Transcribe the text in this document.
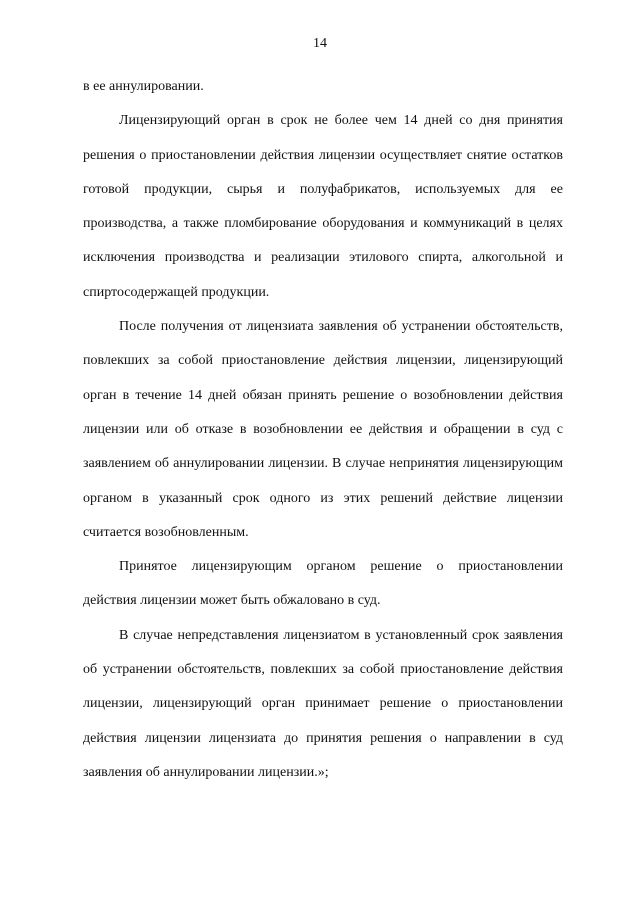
14

в ее аннулировании.

Лицензирующий орган в срок не более чем 14 дней со дня принятия решения о приостановлении действия лицензии осуществляет снятие остатков готовой продукции, сырья и полуфабрикатов, используемых для ее производства, а также пломбирование оборудования и коммуникаций в целях исключения производства и реализации этилового спирта, алкогольной и спиртосодержащей продукции.

После получения от лицензиата заявления об устранении обстоятельств, повлекших за собой приостановление действия лицензии, лицензирующий орган в течение 14 дней обязан принять решение о возобновлении действия лицензии или об отказе в возобновлении ее действия и обращении в суд с заявлением об аннулировании лицензии. В случае непринятия лицензирующим органом в указанный срок одного из этих решений действие лицензии считается возобновленным.

Принятое лицензирующим органом решение о приостановлении действия лицензии может быть обжаловано в суд.

В случае непредставления лицензиатом в установленный срок заявления об устранении обстоятельств, повлекших за собой приостановление действия лицензии, лицензирующий орган принимает решение о приостановлении действия лицензии лицензиата до принятия решения о направлении в суд заявления об аннулировании лицензии.»;
